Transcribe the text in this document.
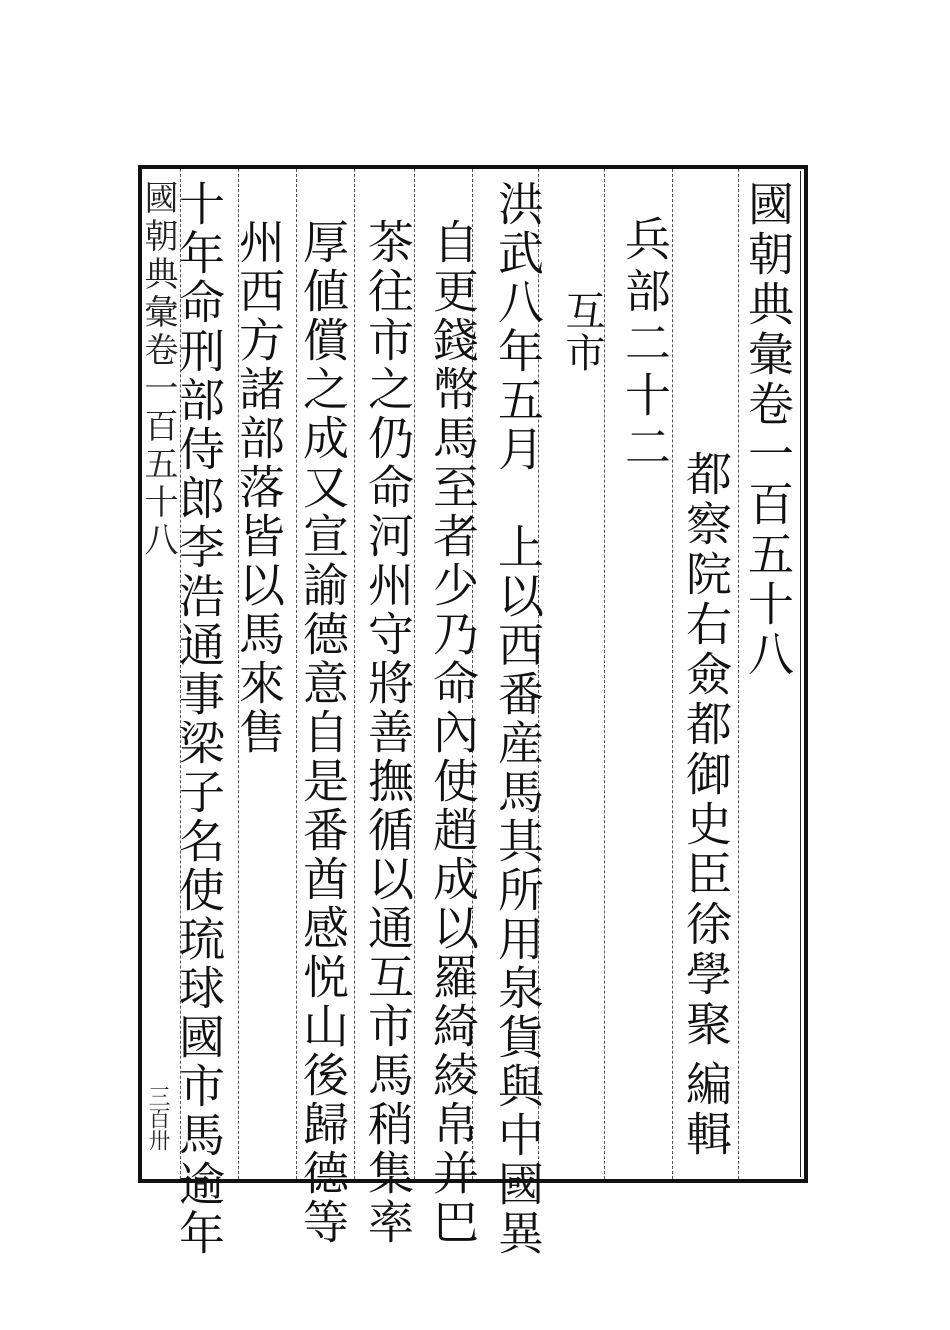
國朝典彙卷一百五十八
都察院右僉都御史臣徐學聚
編輯
兵部二十二
互市
洪武八年五月　上以西番産馬其所用泉貨與中國異
自更錢幣馬至者少乃命內使趙成以羅綺綾帛并巴
茶往市之仍命河州守將善撫循以通互市馬稍集率
厚値償之成又宣諭德意自是番酋感悦山後歸德等
州西方諸部落皆以馬來售
十年命刑部侍郎李浩通事梁子名使琉球國市馬逾年
國朝典彙卷一百五十八
三百卅
